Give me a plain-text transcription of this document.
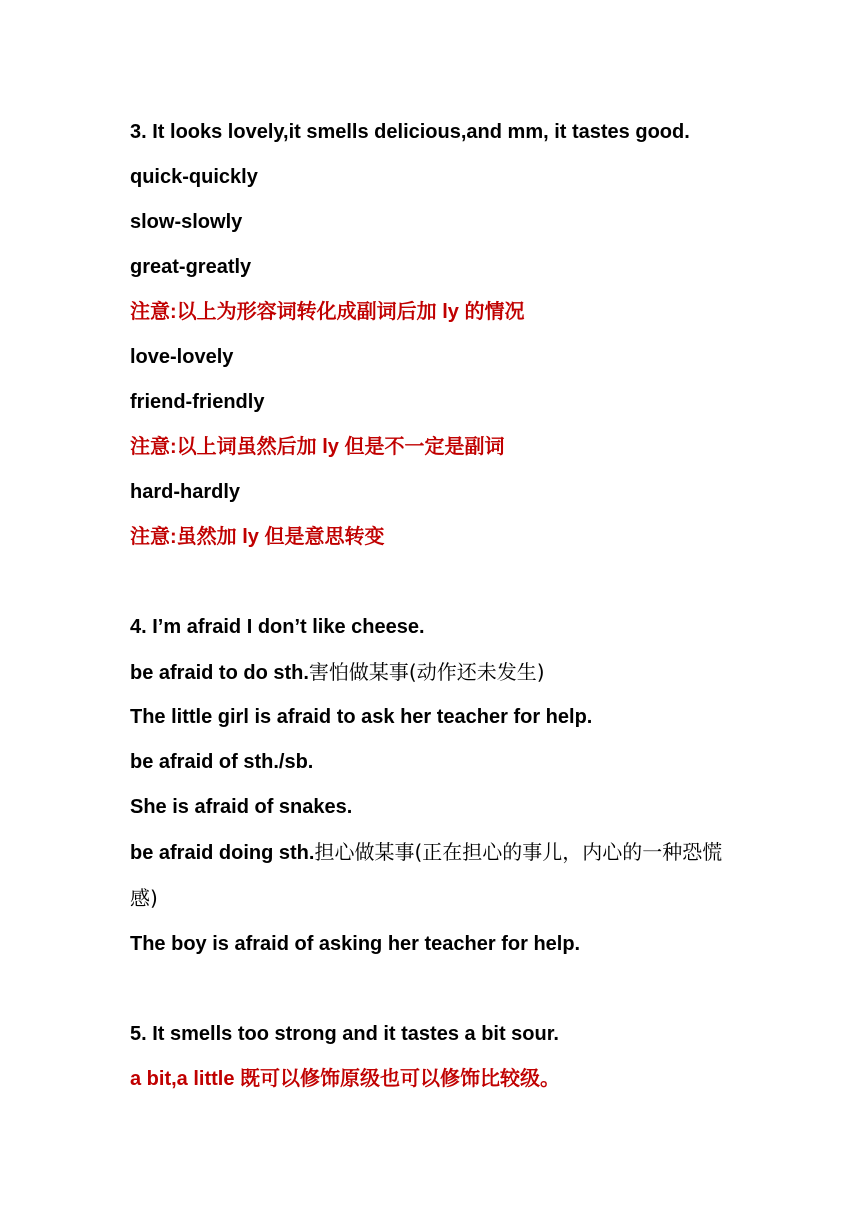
3. It looks lovely,it smells delicious,and mm, it tastes good.
quick-quickly
slow-slowly
great-greatly
注意:以上为形容词转化成副词后加 ly 的情况
love-lovely
friend-friendly
注意:以上词虽然后加 ly 但是不一定是副词
hard-hardly
注意:虽然加 ly 但是意思转变
4. I’m afraid I don’t like cheese.
be afraid to do sth.害怕做某事(动作还未发生)
The little girl is afraid to ask her teacher for help.
be afraid of sth./sb.
She is afraid of snakes.
be afraid doing sth.担心做某事(正在担心的事儿，内心的一种恐慌感)
The boy is afraid of asking her teacher for help.
5. It smells too strong and it tastes a bit sour.
a bit,a little 既可以修饰原级也可以修饰比较级。
